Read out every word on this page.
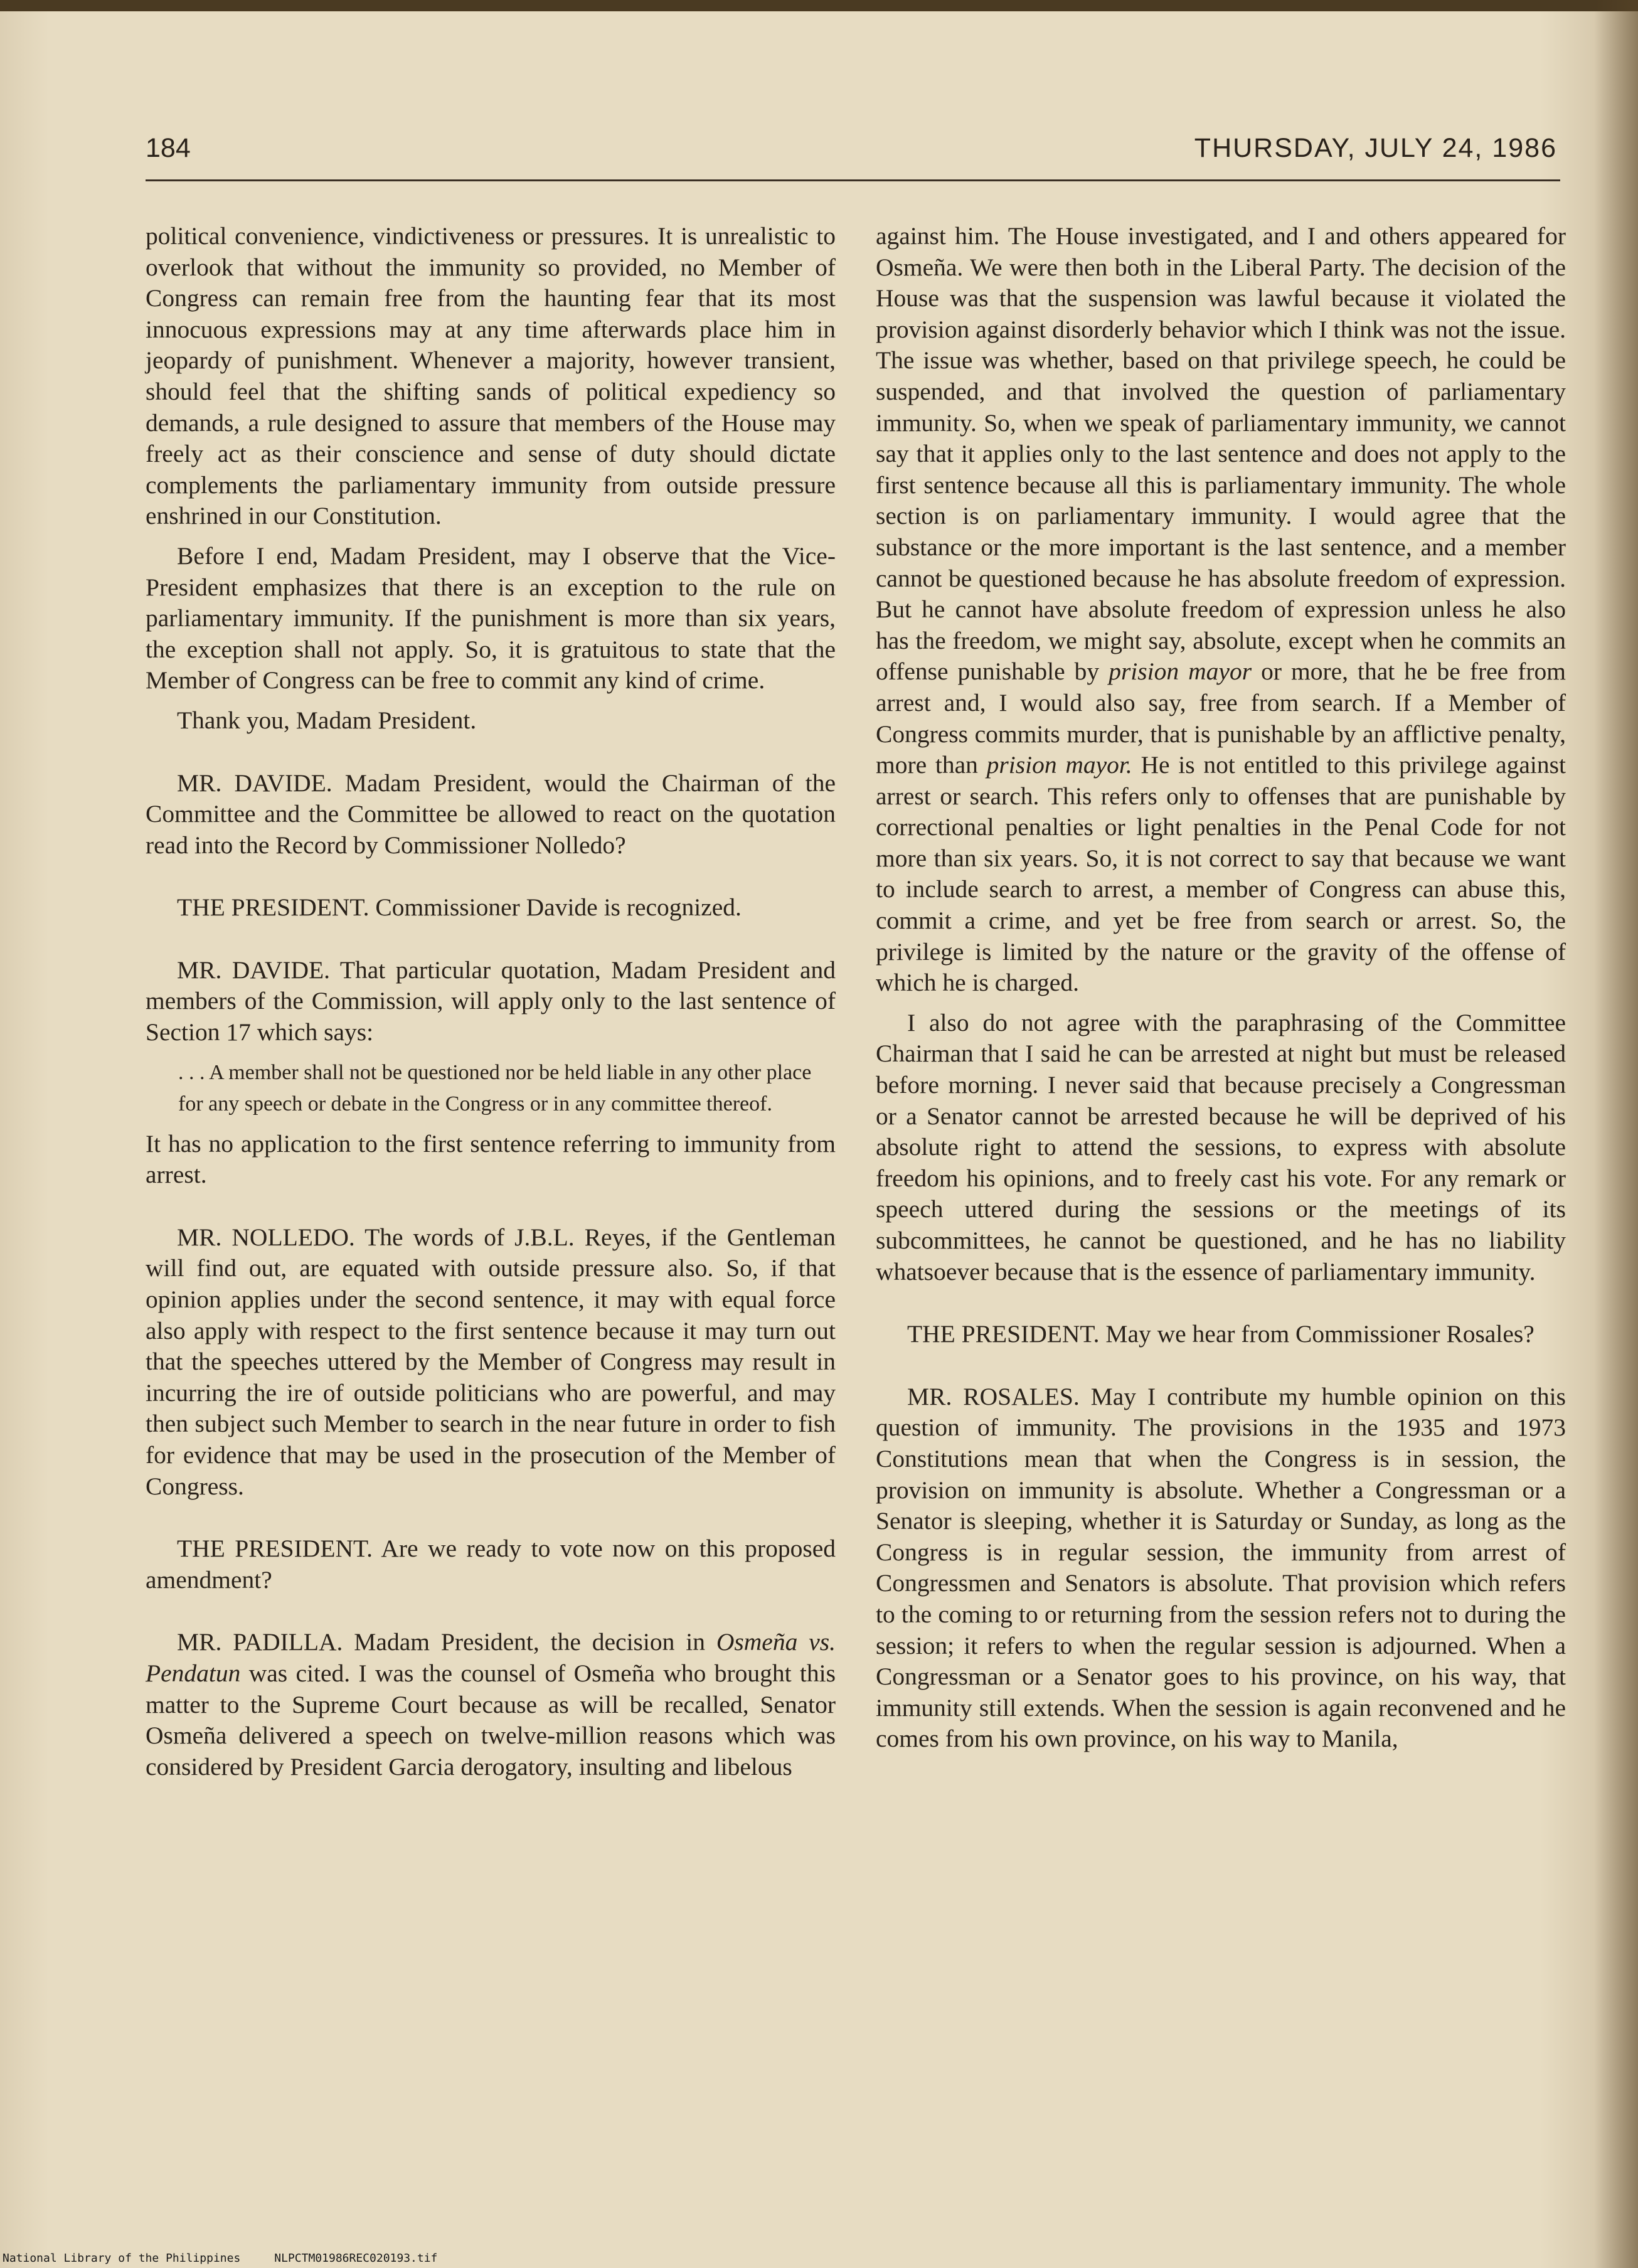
184	THURSDAY, JULY 24, 1986

political convenience, vindictiveness or pressures. It is unrealistic to overlook that without the immunity so provided, no Member of Congress can remain free from the haunting fear that its most innocuous expressions may at any time afterwards place him in jeopardy of punishment. Whenever a majority, however transient, should feel that the shifting sands of political expediency so demands, a rule designed to assure that members of the House may freely act as their conscience and sense of duty should dictate complements the parliamentary immunity from outside pressure enshrined in our Constitution.

Before I end, Madam President, may I observe that the Vice-President emphasizes that there is an exception to the rule on parliamentary immunity. If the punishment is more than six years, the exception shall not apply. So, it is gratuitous to state that the Member of Congress can be free to commit any kind of crime.

Thank you, Madam President.

MR. DAVIDE. Madam President, would the Chairman of the Committee and the Committee be allowed to react on the quotation read into the Record by Commissioner Nolledo?

THE PRESIDENT. Commissioner Davide is recognized.

MR. DAVIDE. That particular quotation, Madam President and members of the Commission, will apply only to the last sentence of Section 17 which says:

. . . A member shall not be questioned nor be held liable in any other place for any speech or debate in the Congress or in any committee thereof.

It has no application to the first sentence referring to immunity from arrest.

MR. NOLLEDO. The words of J.B.L. Reyes, if the Gentleman will find out, are equated with outside pressure also. So, if that opinion applies under the second sentence, it may with equal force also apply with respect to the first sentence because it may turn out that the speeches uttered by the Member of Congress may result in incurring the ire of outside politicians who are powerful, and may then subject such Member to search in the near future in order to fish for evidence that may be used in the prosecution of the Member of Congress.

THE PRESIDENT. Are we ready to vote now on this proposed amendment?

MR. PADILLA. Madam President, the decision in Osmeña vs. Pendatun was cited. I was the counsel of Osmeña who brought this matter to the Supreme Court because as will be recalled, Senator Osmeña delivered a speech on twelve-million reasons which was considered by President Garcia derogatory, insulting and libelous

against him. The House investigated, and I and others appeared for Osmeña. We were then both in the Liberal Party. The decision of the House was that the suspension was lawful because it violated the provision against disorderly behavior which I think was not the issue. The issue was whether, based on that privilege speech, he could be suspended, and that involved the question of parliamentary immunity. So, when we speak of parliamentary immunity, we cannot say that it applies only to the last sentence and does not apply to the first sentence because all this is parliamentary immunity. The whole section is on parliamentary immunity. I would agree that the substance or the more important is the last sentence, and a member cannot be questioned because he has absolute freedom of expression. But he cannot have absolute freedom of expression unless he also has the freedom, we might say, absolute, except when he commits an offense punishable by prision mayor or more, that he be free from arrest and, I would also say, free from search. If a Member of Congress commits murder, that is punishable by an afflictive penalty, more than prision mayor. He is not entitled to this privilege against arrest or search. This refers only to offenses that are punishable by correctional penalties or light penalties in the Penal Code for not more than six years. So, it is not correct to say that because we want to include search to arrest, a member of Congress can abuse this, commit a crime, and yet be free from search or arrest. So, the privilege is limited by the nature or the gravity of the offense of which he is charged.

I also do not agree with the paraphrasing of the Committee Chairman that I said he can be arrested at night but must be released before morning. I never said that because precisely a Congressman or a Senator cannot be arrested because he will be deprived of his absolute right to attend the sessions, to express with absolute freedom his opinions, and to freely cast his vote. For any remark or speech uttered during the sessions or the meetings of its subcommittees, he cannot be questioned, and he has no liability whatsoever because that is the essence of parliamentary immunity.

THE PRESIDENT. May we hear from Commissioner Rosales?

MR. ROSALES. May I contribute my humble opinion on this question of immunity. The provisions in the 1935 and 1973 Constitutions mean that when the Congress is in session, the provision on immunity is absolute. Whether a Congressman or a Senator is sleeping, whether it is Saturday or Sunday, as long as the Congress is in regular session, the immunity from arrest of Congressmen and Senators is absolute. That provision which refers to the coming to or returning from the session refers not to during the session; it refers to when the regular session is adjourned. When a Congressman or a Senator goes to his province, on his way, that immunity still extends. When the session is again reconvened and he comes from his own province, on his way to Manila,

National Library of the Philippines	NLPCTM01986REC020193.tif
